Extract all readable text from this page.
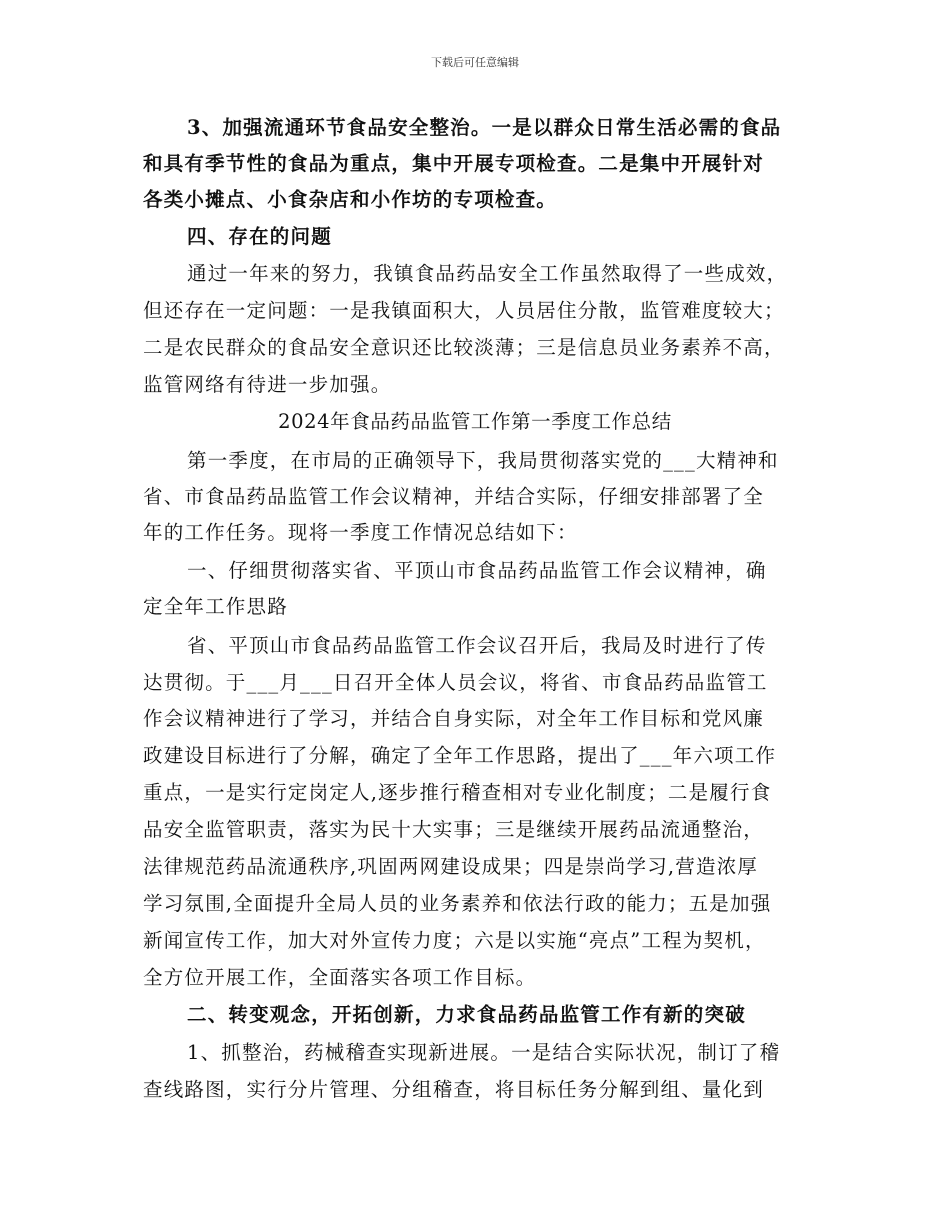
下载后可任意编辑
3、加强流通环节食品安全整治。一是以群众日常生活必需的食品
和具有季节性的食品为重点，集中开展专项检查。二是集中开展针对
各类小摊点、小食杂店和小作坊的专项检查。
四、存在的问题
通过一年来的努力，我镇食品药品安全工作虽然取得了一些成效，
但还存在一定问题：一是我镇面积大，人员居住分散，监管难度较大；
二是农民群众的食品安全意识还比较淡薄；三是信息员业务素养不高，
监管网络有待进一步加强。
2024年食品药品监管工作第一季度工作总结
第一季度，在市局的正确领导下，我局贯彻落实党的___大精神和
省、市食品药品监管工作会议精神，并结合实际，仔细安排部署了全
年的工作任务。现将一季度工作情况总结如下：
一、仔细贯彻落实省、平顶山市食品药品监管工作会议精神，确
定全年工作思路
省、平顶山市食品药品监管工作会议召开后，我局及时进行了传
达贯彻。于___月___日召开全体人员会议，将省、市食品药品监管工
作会议精神进行了学习，并结合自身实际，对全年工作目标和党风廉
政建设目标进行了分解，确定了全年工作思路，提出了___年六项工作
重点，一是实行定岗定人,逐步推行稽查相对专业化制度；二是履行食
品安全监管职责，落实为民十大实事；三是继续开展药品流通整治，
法律规范药品流通秩序,巩固两网建设成果；四是崇尚学习,营造浓厚
学习氛围,全面提升全局人员的业务素养和依法行政的能力；五是加强
新闻宣传工作，加大对外宣传力度；六是以实施“亮点”工程为契机，
全方位开展工作，全面落实各项工作目标。
二、转变观念，开拓创新，力求食品药品监管工作有新的突破
1、抓整治，药械稽查实现新进展。一是结合实际状况，制订了稽
查线路图，实行分片管理、分组稽查，将目标任务分解到组、量化到
